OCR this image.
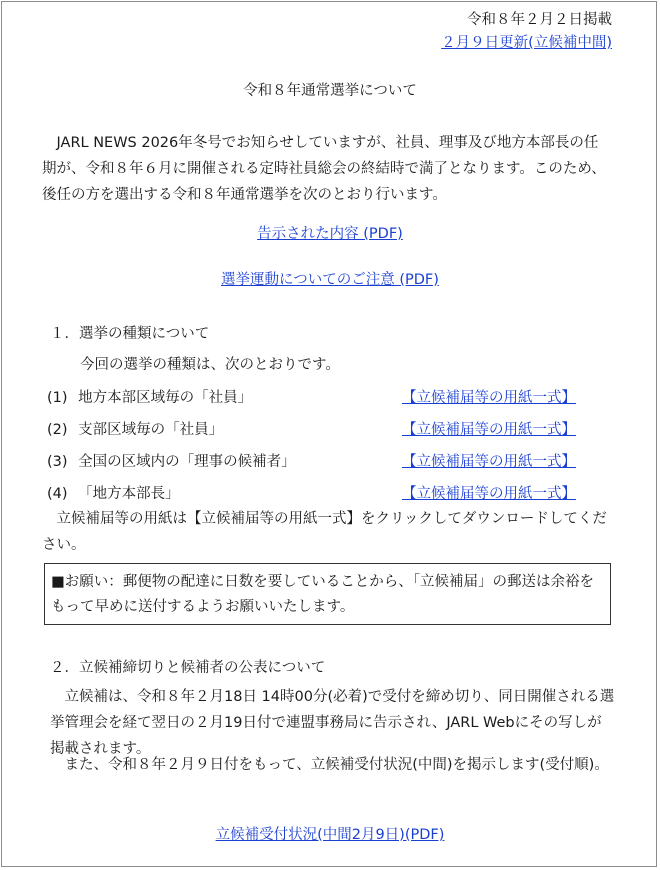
令和８年２月２日掲載
２月９日更新(立候補中間)
令和８年通常選挙について
　JARL NEWS 2026年冬号でお知らせしていますが、社員、理事及び地方本部長の任期が、令和８年６月に開催される定時社員総会の終結時で満了となります。このため、後任の方を選出する令和８年通常選挙を次のとおり行います。
告示された内容 (PDF)
選挙運動についてのご注意 (PDF)
１．選挙の種類について
今回の選挙の種類は、次のとおりです。
(1) 地方本部区域毎の「社員」	【立候補届等の用紙一式】
(2) 支部区域毎の「社員」	【立候補届等の用紙一式】
(3) 全国の区域内の「理事の候補者」	【立候補届等の用紙一式】
(4) 「地方本部長」	【立候補届等の用紙一式】
　立候補届等の用紙は【立候補届等の用紙一式】をクリックしてダウンロードしてください。
■お願い：郵便物の配達に日数を要していることから、「立候補届」の郵送は余裕をもって早めに送付するようお願いいたします。
２．立候補締切りと候補者の公表について
　立候補は、令和８年２月18日 14時00分(必着)で受付を締め切り、同日開催される選挙管理会を経て翌日の２月19日付で連盟事務局に告示され、JARL Webにその写しが掲載されます。
　また、令和８年２月９日付をもって、立候補受付状況(中間)を掲示します(受付順)。
立候補受付状況(中間2月9日)(PDF)
